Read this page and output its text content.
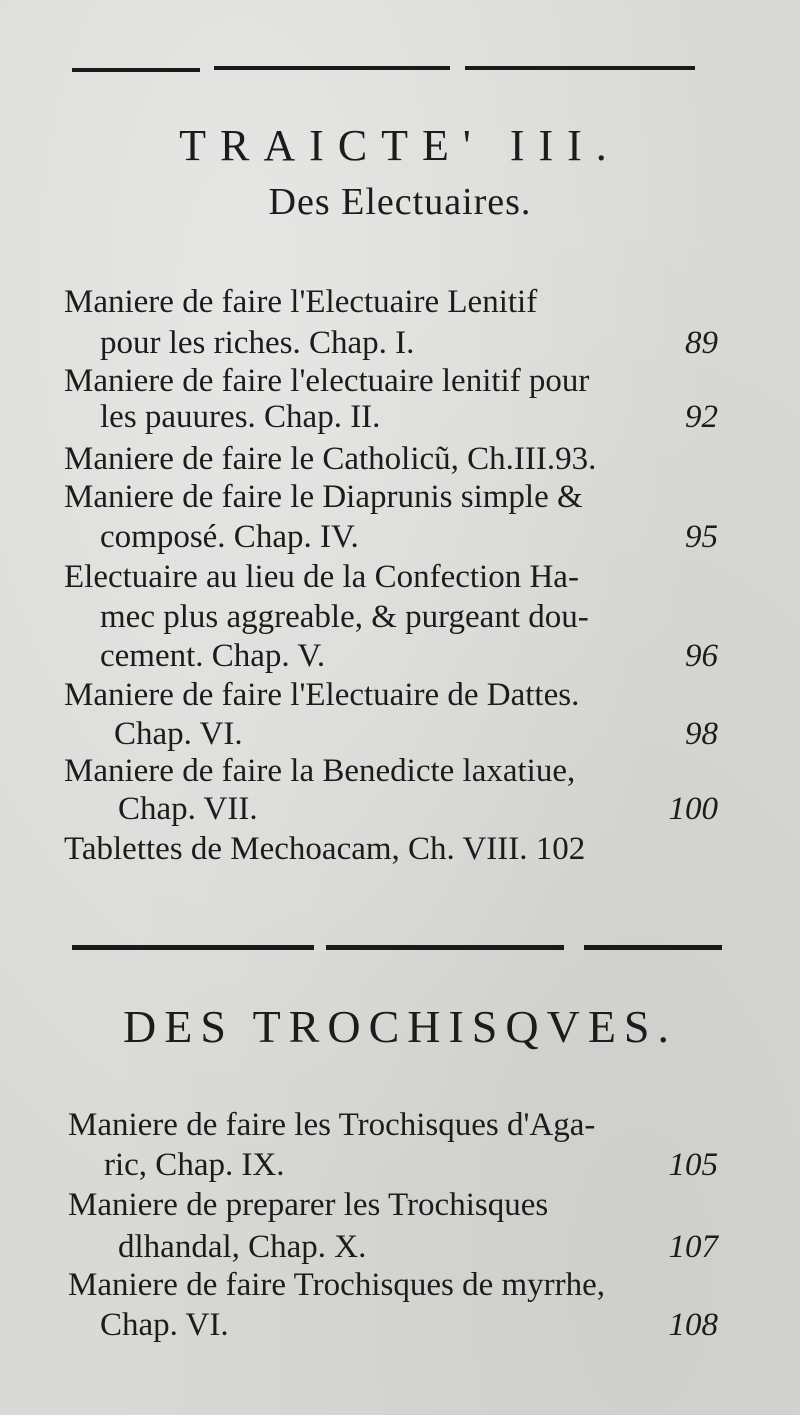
TRAICTE' III.
Des Electuaires.
Maniere de faire l'Electuaire Lenitif
pour les riches. Chap. I.	89
Maniere de faire l'electuaire lenitif pour
les pauures. Chap. II.	92
Maniere de faire le Catholicũ, Ch.III.93.
Maniere de faire le Diaprunis simple &
composé. Chap. IV.	95
Electuaire au lieu de la Confection Ha-
mec plus aggreable, & purgeant dou-
cement. Chap. V.	96
Maniere de faire l'Electuaire de Dattes.
Chap. VI.	98
Maniere de faire la Benedicte laxatiue,
Chap. VII.	100
Tablettes de Mechoacam, Ch. VIII. 102
DES TROCHISQVES.
Maniere de faire les Trochisques d'Aga-
ric, Chap. IX.	105
Maniere de preparer les Trochisques
dlhandal, Chap. X.	107
Maniere de faire Trochisques de myrrhe,
Chap. VI.	108
